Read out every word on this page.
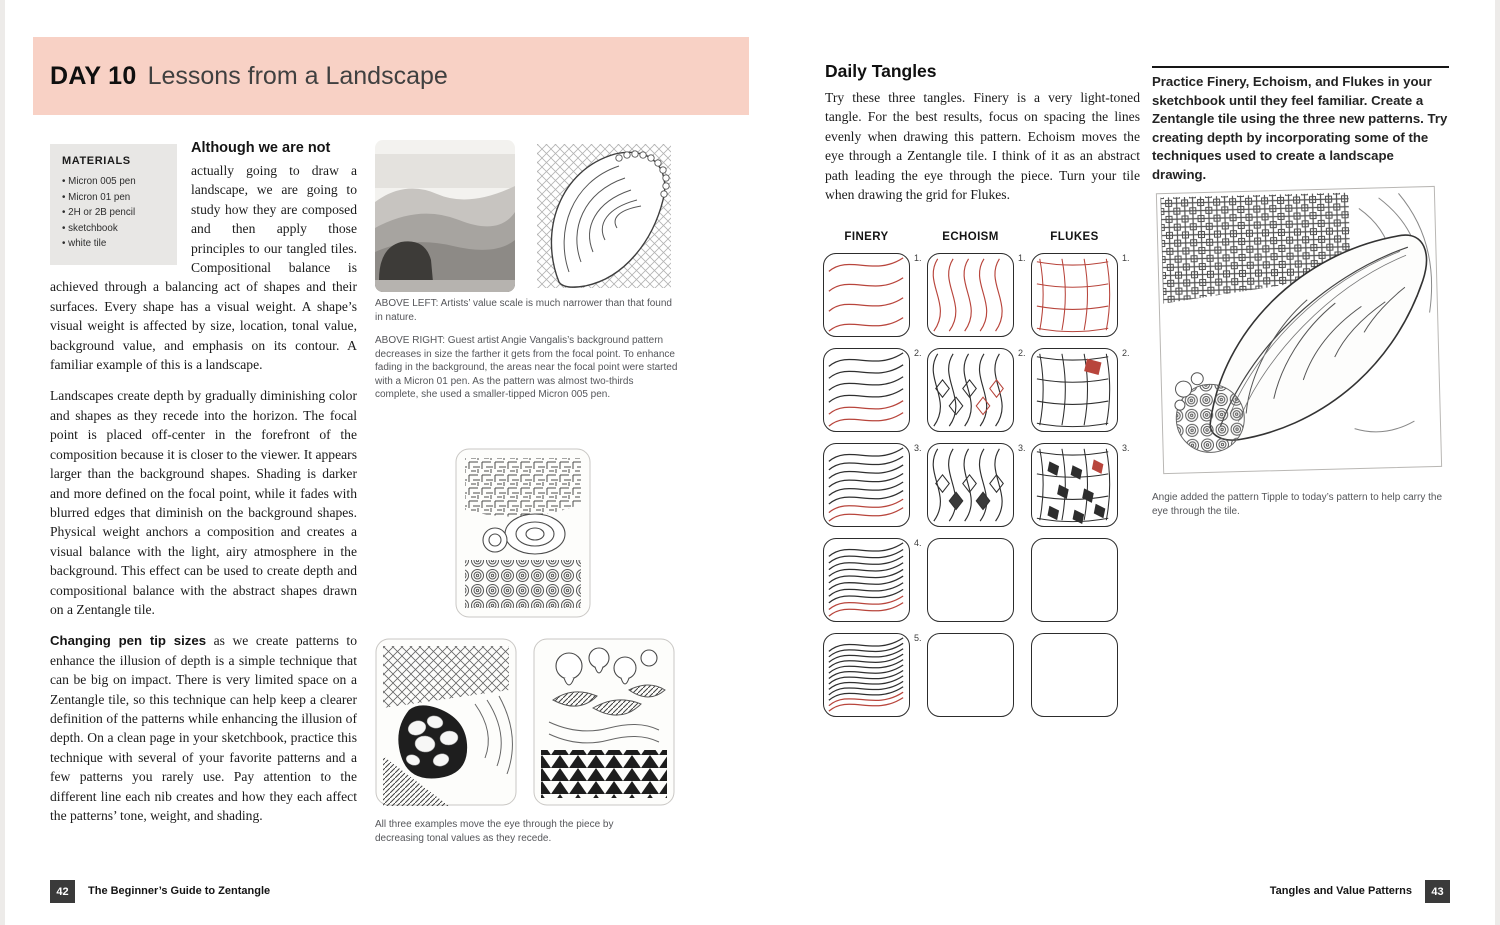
DAY 10 Lessons from a Landscape
MATERIALS
• Micron 005 pen
• Micron 01 pen
• 2H or 2B pencil
• sketchbook
• white tile
Although we are not

actually going to draw a landscape, we are going to study how they are composed and then apply those principles to our tangled tiles. Compositional balance is achieved through a balancing act of shapes and their surfaces. Every shape has a visual weight. A shape’s visual weight is affected by size, location, tonal value, background value, and emphasis on its contour. A familiar example of this is a landscape.

Landscapes create depth by gradually diminishing color and shapes as they recede into the horizon. The focal point is placed off-center in the forefront of the composition because it is closer to the viewer. It appears larger than the background shapes. Shading is darker and more defined on the focal point, while it fades with blurred edges that diminish on the background shapes. Physical weight anchors a composition and creates a visual balance with the light, airy atmosphere in the background. This effect can be used to create depth and compositional balance with the abstract shapes drawn on a Zentangle tile.

Changing pen tip sizes as we create patterns to enhance the illusion of depth is a simple technique that can be big on impact. There is very limited space on a Zentangle tile, so this technique can help keep a clearer definition of the patterns while enhancing the illusion of depth. On a clean page in your sketchbook, practice this technique with several of your favorite patterns and a few patterns you rarely use. Pay attention to the different line each nib creates and how they each affect the patterns’ tone, weight, and shading.

ABOVE LEFT: Artists’ value scale is much narrower than that found in nature.
ABOVE RIGHT: Guest artist Angie Vangalis’s background pattern decreases in size the farther it gets from the focal point. To enhance fading in the background, the areas near the focal point were started with a Micron 01 pen. As the pattern was almost two-thirds complete, she used a smaller-tipped Micron 005 pen.
All three examples move the eye through the piece by decreasing tonal values as they recede.
42	The Beginner’s Guide to Zentangle
Daily Tangles

Try these three tangles. Finery is a very light-toned tangle. For the best results, focus on spacing the lines evenly when drawing this pattern. Echoism moves the eye through a Zentangle tile. I think of it as an abstract path leading the eye through the piece. Turn your tile when drawing the grid for Flukes.

FINERY
1.
2.
3.
4.
5.
ECHOISM
1.
2.
3.
FLUKES
1.
2.
3.
Practice Finery, Echoism, and Flukes in your sketchbook until they feel familiar. Create a Zentangle tile using the three new patterns. Try creating depth by incorporating some of the techniques used to create a landscape drawing.
Angie added the pattern Tipple to today’s pattern to help carry the eye through the tile.
Tangles and Value Patterns	43
